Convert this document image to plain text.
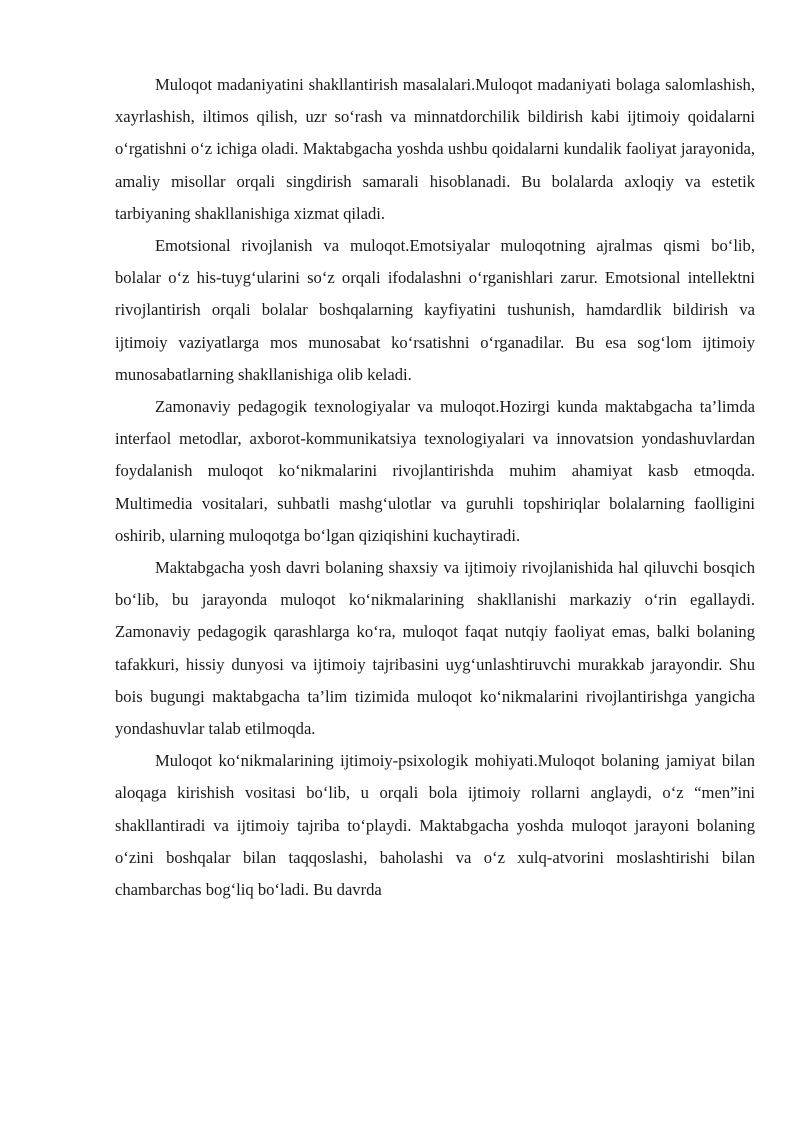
Muloqot madaniyatini shakllantirish masalalari.Muloqot madaniyati bolaga salomlashish, xayrlashish, iltimos qilish, uzr so‘rash va minnatdorchilik bildirish kabi ijtimoiy qoidalarni o‘rgatishni o‘z ichiga oladi. Maktabgacha yoshda ushbu qoidalarni kundalik faoliyat jarayonida, amaliy misollar orqali singdirish samarali hisoblanadi. Bu bolalarda axloqiy va estetik tarbiyaning shakllanishiga xizmat qiladi.

Emotsional rivojlanish va muloqot.Emotsiyalar muloqotning ajralmas qismi bo‘lib, bolalar o‘z his-tuyg‘ularini so‘z orqali ifodalashni o‘rganishlari zarur. Emotsional intellektni rivojlantirish orqali bolalar boshqalarning kayfiyatini tushunish, hamdardlik bildirish va ijtimoiy vaziyatlarga mos munosabat ko‘rsatishni o‘rganadilar. Bu esa sog‘lom ijtimoiy munosabatlarning shakllanishiga olib keladi.

Zamonaviy pedagogik texnologiyalar va muloqot.Hozirgi kunda maktabgacha ta’limda interfaol metodlar, axborot-kommunikatsiya texnologiyalari va innovatsion yondashuvlardan foydalanish muloqot ko‘nikmalarini rivojlantirishda muhim ahamiyat kasb etmoqda. Multimedia vositalari, suhbatli mashg‘ulotlar va guruhli topshiriqlar bolalarning faolligini oshirib, ularning muloqotga bo‘lgan qiziqishini kuchaytiradi.

Maktabgacha yosh davri bolaning shaxsiy va ijtimoiy rivojlanishida hal qiluvchi bosqich bo‘lib, bu jarayonda muloqot ko‘nikmalarining shakllanishi markaziy o‘rin egallaydi. Zamonaviy pedagogik qarashlarga ko‘ra, muloqot faqat nutqiy faoliyat emas, balki bolaning tafakkuri, hissiy dunyosi va ijtimoiy tajribasini uyg‘unlashtiruvchi murakkab jarayondir. Shu bois bugungi maktabgacha ta’lim tizimida muloqot ko‘nikmalarini rivojlantirishga yangicha yondashuvlar talab etilmoqda.

Muloqot ko‘nikmalarining ijtimoiy-psixologik mohiyati.Muloqot bolaning jamiyat bilan aloqaga kirishish vositasi bo‘lib, u orqali bola ijtimoiy rollarni anglaydi, o‘z “men”ini shakllantiradi va ijtimoiy tajriba to‘playdi. Maktabgacha yoshda muloqot jarayoni bolaning o‘zini boshqalar bilan taqqoslashi, baholashi va o‘z xulq-atvorini moslashtirishi bilan chambarchas bog‘liq bo‘ladi. Bu davrda
